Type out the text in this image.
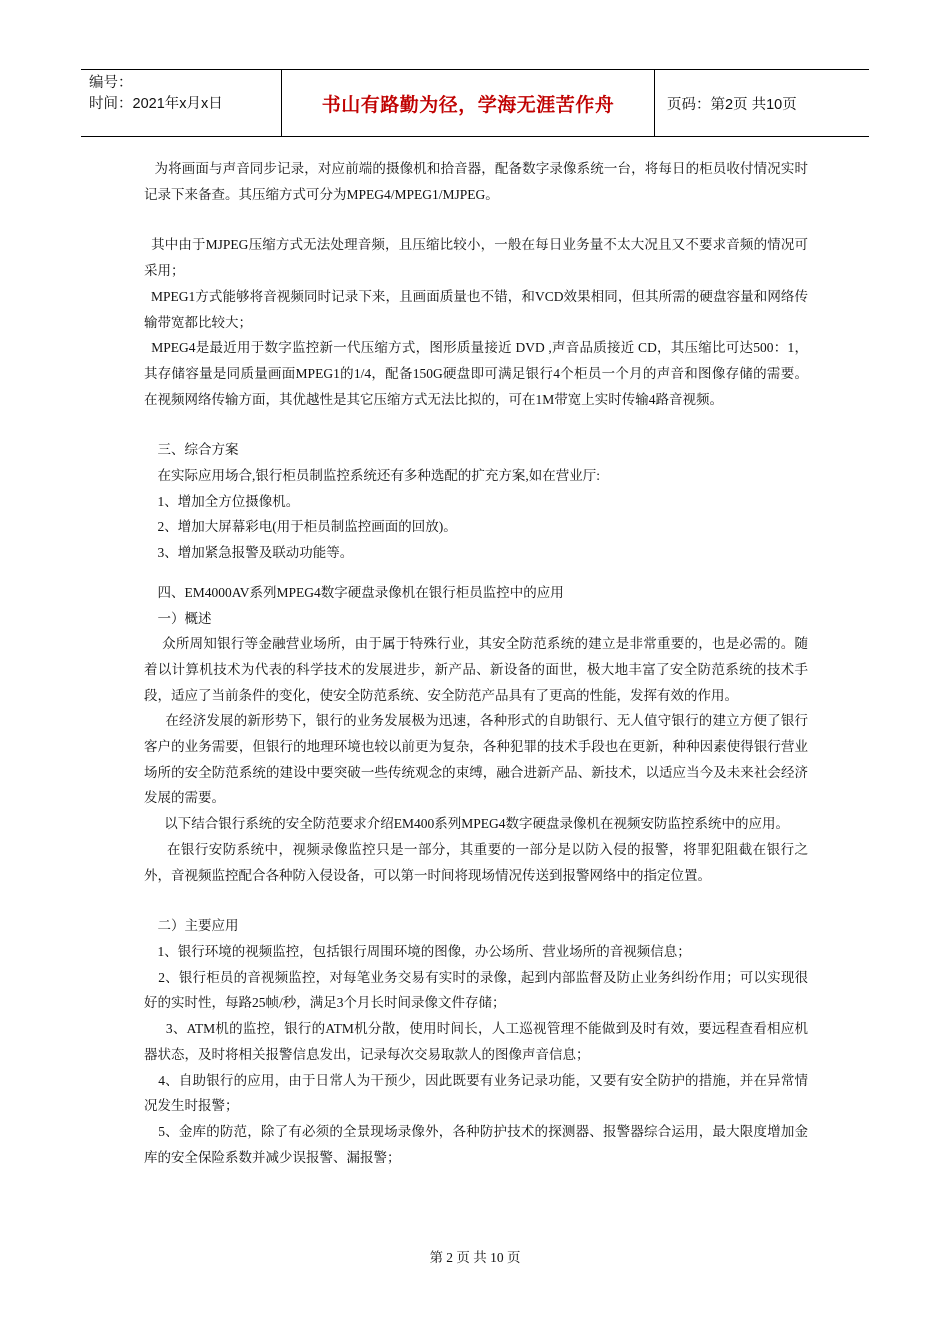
编号：
时间：2021年x月x日	书山有路勤为径，学海无涯苦作舟	页码：第2页 共10页
为将画面与声音同步记录，对应前端的摄像机和拾音器，配备数字录像系统一台，将每日的柜员收付情况实时记录下来备查。其压缩方式可分为MPEG4/MPEG1/MJPEG。
其中由于MJPEG压缩方式无法处理音频，且压缩比较小，一般在每日业务量不太大况且又不要求音频的情况可采用；
MPEG1方式能够将音视频同时记录下来，且画面质量也不错，和VCD效果相同，但其所需的硬盘容量和网络传输带宽都比较大；
MPEG4是最近用于数字监控新一代压缩方式，图形质量接近 DVD ,声音品质接近 CD，其压缩比可达500：1，其存储容量是同质量画面MPEG1的1/4，配备150G硬盘即可满足银行4个柜员一个月的声音和图像存储的需要。在视频网络传输方面，其优越性是其它压缩方式无法比拟的，可在1M带宽上实时传输4路音视频。
三、综合方案
在实际应用场合,银行柜员制监控系统还有多种选配的扩充方案,如在营业厅:
1、增加全方位摄像机。
2、增加大屏幕彩电(用于柜员制监控画面的回放)。
3、增加紧急报警及联动功能等。
四、EM4000AV系列MPEG4数字硬盘录像机在银行柜员监控中的应用
一）概述
众所周知银行等金融营业场所，由于属于特殊行业，其安全防范系统的建立是非常重要的，也是必需的。随着以计算机技术为代表的科学技术的发展进步，新产品、新设备的面世，极大地丰富了安全防范系统的技术手段，适应了当前条件的变化，使安全防范系统、安全防范产品具有了更高的性能，发挥有效的作用。
在经济发展的新形势下，银行的业务发展极为迅速，各种形式的自助银行、无人值守银行的建立方便了银行客户的业务需要，但银行的地理环境也较以前更为复杂，各种犯罪的技术手段也在更新，种种因素使得银行营业场所的安全防范系统的建设中要突破一些传统观念的束缚，融合进新产品、新技术，以适应当今及未来社会经济发展的需要。
以下结合银行系统的安全防范要求介绍EM400系列MPEG4数字硬盘录像机在视频安防监控系统中的应用。
在银行安防系统中，视频录像监控只是一部分，其重要的一部分是以防入侵的报警，将罪犯阻截在银行之外，音视频监控配合各种防入侵设备，可以第一时间将现场情况传送到报警网络中的指定位置。
二）主要应用
1、银行环境的视频监控，包括银行周围环境的图像，办公场所、营业场所的音视频信息；
2、银行柜员的音视频监控，对每笔业务交易有实时的录像，起到内部监督及防止业务纠纷作用；可以实现很好的实时性，每路25帧/秒，满足3个月长时间录像文件存储；
3、ATM机的监控，银行的ATM机分散，使用时间长，人工巡视管理不能做到及时有效，要远程查看相应机器状态，及时将相关报警信息发出，记录每次交易取款人的图像声音信息；
4、自助银行的应用，由于日常人为干预少，因此既要有业务记录功能，又要有安全防护的措施，并在异常情况发生时报警；
5、金库的防范，除了有必须的全景现场录像外，各种防护技术的探测器、报警器综合运用，最大限度增加金库的安全保险系数并减少误报警、漏报警；
第 2 页 共 10 页
